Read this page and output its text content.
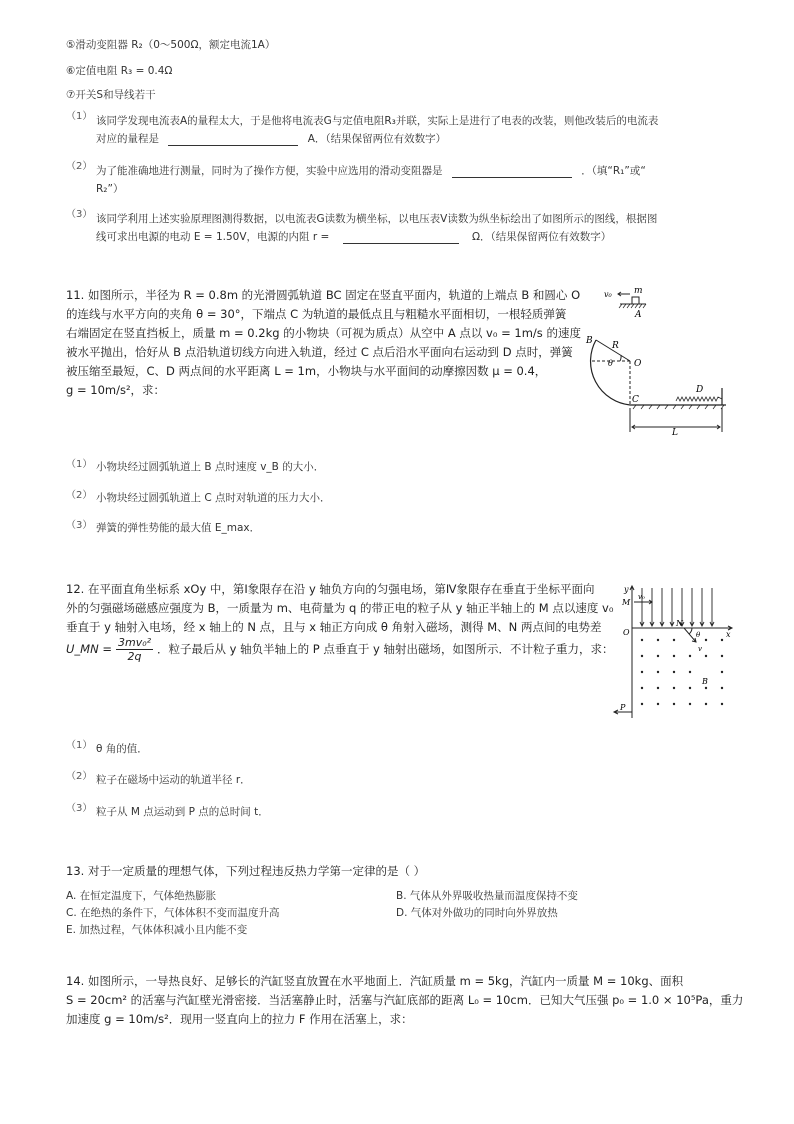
⑤滑动变阻器 R₂（0～500Ω，额定电流1A）
⑥定值电阻 R₃ = 0.4Ω
⑦开关S和导线若干
（1） 该同学发现电流表A的量程太大，于是他将电流表G与定值电阻R₃并联，实际上是进行了电表的改装，则他改装后的电流表
对应的量程是	A．（结果保留两位有效数字）
（2） 为了能准确地进行测量，同时为了操作方便，实验中应选用的滑动变阻器是	．（填“R₁”或“
R₂”）
（3） 该同学利用上述实验原理图测得数据，以电流表G读数为横坐标，以电压表V读数为纵坐标绘出了如图所示的图线，根据图
线可求出电源的电动 E = 1.50V，电源的内阻 r =	Ω．（结果保留两位有效数字）
11. 如图所示，半径为 R = 0.8m 的光滑圆弧轨道 BC 固定在竖直平面内，轨道的上端点 B 和圆心 O
的连线与水平方向的夹角 θ = 30°，下端点 C 为轨道的最低点且与粗糙水平面相切，一根轻质弹簧
右端固定在竖直挡板上，质量 m = 0.2kg 的小物块（可视为质点）从空中 A 点以 v₀ = 1m/s 的速度
被水平抛出，恰好从 B 点沿轨道切线方向进入轨道，经过 C 点后沿水平面向右运动到 D 点时，弹簧
被压缩至最短，C、D 两点间的水平距离 L = 1m，小物块与水平面间的动摩擦因数 μ = 0.4，
g = 10m/s²，求：
v₀ m
A
B R
O
θ
C
D
L
（1） 小物块经过圆弧轨道上 B 点时速度 v_B 的大小．
（2） 小物块经过圆弧轨道上 C 点时对轨道的压力大小．
（3） 弹簧的弹性势能的最大值 E_max．
12. 在平面直角坐标系 xOy 中，第Ⅰ象限存在沿 y 轴负方向的匀强电场，第Ⅳ象限存在垂直于坐标平面向
外的匀强磁场磁感应强度为 B，一质量为 m、电荷量为 q 的带正电的粒子从 y 轴正半轴上的 M 点以速度 v₀
垂直于 y 轴射入电场，经 x 轴上的 N 点，且与 x 轴正方向成 θ 角射入磁场，测得 M、N 两点间的电势差
U_MN = $\frac{\text{3mv₀²}}{2q}$ ．粒子最后从 y 轴负半轴上的 P 点垂直于 y 轴射出磁场，如图所示．不计粒子重力，求：
y
M
v₀
O
N
x
θ
v
B
P
（1） θ 角的值．
（2） 粒子在磁场中运动的轨道半径 r．
（3） 粒子从 M 点运动到 P 点的总时间 t．
13. 对于一定质量的理想气体，下列过程违反热力学第一定律的是（ ）
A. 在恒定温度下，气体绝热膨胀	B. 气体从外界吸收热量而温度保持不变
C. 在绝热的条件下，气体体积不变而温度升高	D. 气体对外做功的同时向外界放热
E. 加热过程，气体体积减小且内能不变
14. 如图所示，一导热良好、足够长的汽缸竖直放置在水平地面上．汽缸质量 m = 5kg，汽缸内一质量 M = 10kg、面积
S = 20cm² 的活塞与汽缸壁光滑密接．当活塞静止时，活塞与汽缸底部的距离 L₀ = 10cm．已知大气压强 p₀ = 1.0 × 10⁵Pa，重力
加速度 g = 10m/s²．现用一竖直向上的拉力 F 作用在活塞上，求：
